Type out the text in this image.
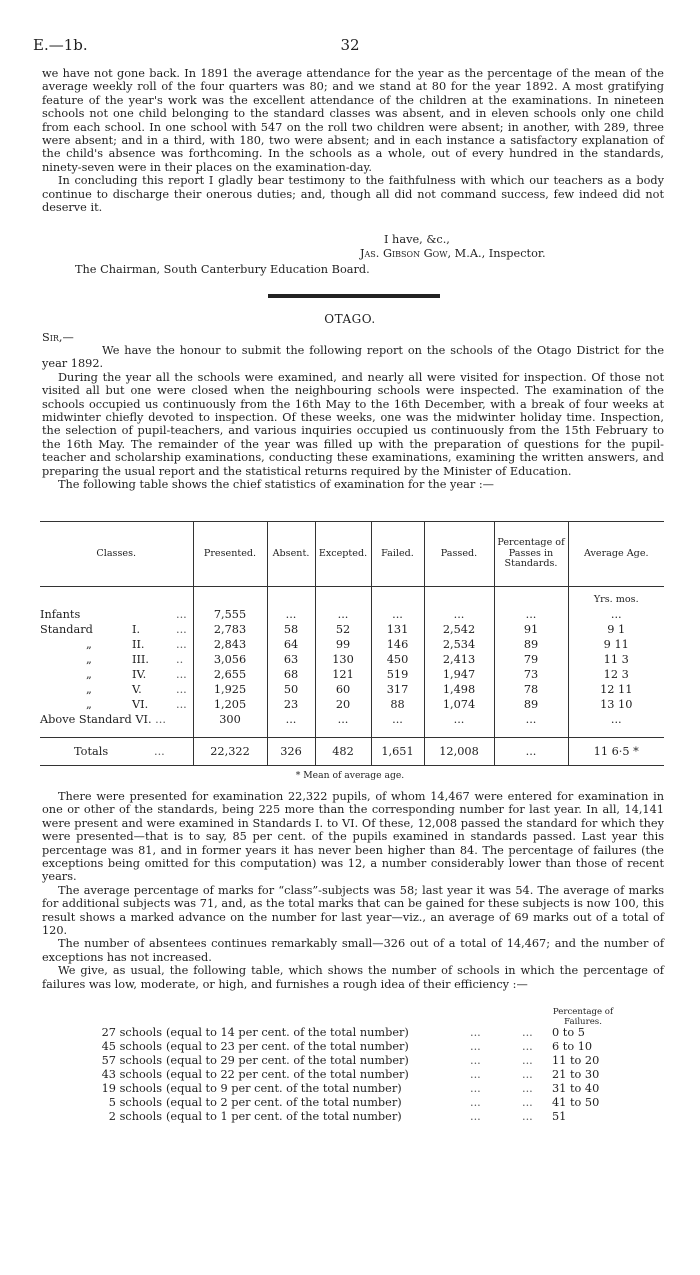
E.—1b.	32

we have not gone back. In 1891 the average attendance for the year as the percentage of the mean of the average weekly roll of the four quarters was 80; and we stand at 80 for the year 1892. A most gratifying feature of the year's work was the excellent attendance of the children at the examinations. In nineteen schools not one child belonging to the standard classes was absent, and in eleven schools only one child from each school. In one school with 547 on the roll two children were absent; in another, with 289, three were absent; and in a third, with 180, two were absent; and in each instance a satisfactory explanation of the child's absence was forthcoming. In the schools as a whole, out of every hundred in the standards, ninety-seven were in their places on the examination-day.

In concluding this report I gladly bear testimony to the faithfulness with which our teachers as a body continue to discharge their onerous duties; and, though all did not command success, few indeed did not deserve it.

I have, &c.,
Jas. Gibson Gow, M.A., Inspector.
The Chairman, South Canterbury Education Board.
OTAGO.
Sir,—

We have the honour to submit the following report on the schools of the Otago District for the year 1892.

During the year all the schools were examined, and nearly all were visited for inspection. Of those not visited all but one were closed when the neighbouring schools were inspected. The examination of the schools occupied us continuously from the 16th May to the 16th December, with a break of four weeks at midwinter chiefly devoted to inspection. Of these weeks, one was the midwinter holiday time. Inspection, the selection of pupil-teachers, and various inquiries occupied us continuously from the 15th February to the 16th May. The remainder of the year was filled up with the preparation of questions for the pupil-teacher and scholarship examinations, conducting these examinations, examining the written answers, and preparing the usual report and the statistical returns required by the Minister of Education.

The following table shows the chief statistics of examination for the year :—

Classes.	Presented.	Absent.	Excepted.	Failed.	Passed.	Percentage of Passes in Standards.	Average Age.
							Yrs. mos.
Infants ...	7,555	...	...	...	...	...	...
Standard I. ...	2,783	58	52	131	2,542	91	9 1
„ II. ...	2,843	64	99	146	2,534	89	9 11
„ III. ..	3,056	63	130	450	2,413	79	11 3
„ IV. ...	2,655	68	121	519	1,947	73	12 3
„ V. ...	1,925	50	60	317	1,498	78	12 11
„ VI. ...	1,205	23	20	88	1,074	89	13 10
Above Standard VI. ...	300	...	...	...	...	...	...

Totals ...	22,322	326	482	1,651	12,008	...	11 6·5 *
* Mean of average age.

There were presented for examination 22,322 pupils, of whom 14,467 were entered for examination in one or other of the standards, being 225 more than the corresponding number for last year. In all, 14,141 were present and were examined in Standards I. to VI. Of these, 12,008 passed the standard for which they were presented—that is to say, 85 per cent. of the pupils examined in standards passed. Last year this percentage was 81, and in former years it has never been higher than 84. The percentage of failures (the exceptions being omitted for this computation) was 12, a number considerably lower than those of recent years.

The average percentage of marks for “class”-subjects was 58; last year it was 54. The average of marks for additional subjects was 71, and, as the total marks that can be gained for these subjects is now 100, this result shows a marked advance on the number for last year—viz., an average of 69 marks out of a total of 120.

The number of absentees continues remarkably small—326 out of a total of 14,467; and the number of exceptions has not increased.

We give, as usual, the following table, which shows the number of schools in which the percentage of failures was low, moderate, or high, and furnishes a rough idea of their efficiency :—

Percentage of Failures.
27 schools (equal to 14 per cent. of the total number)	...	... 0 to 5
45 schools (equal to 23 per cent. of the total number)	...	... 6 to 10
57 schools (equal to 29 per cent. of the total number)	...	... 11 to 20
43 schools (equal to 22 per cent. of the total number)	...	... 21 to 30
19 schools (equal to 9 per cent. of the total number)	...	... 31 to 40
5 schools (equal to 2 per cent. of the total number)	...	... 41 to 50
2 schools (equal to 1 per cent. of the total number)	...	... 51
